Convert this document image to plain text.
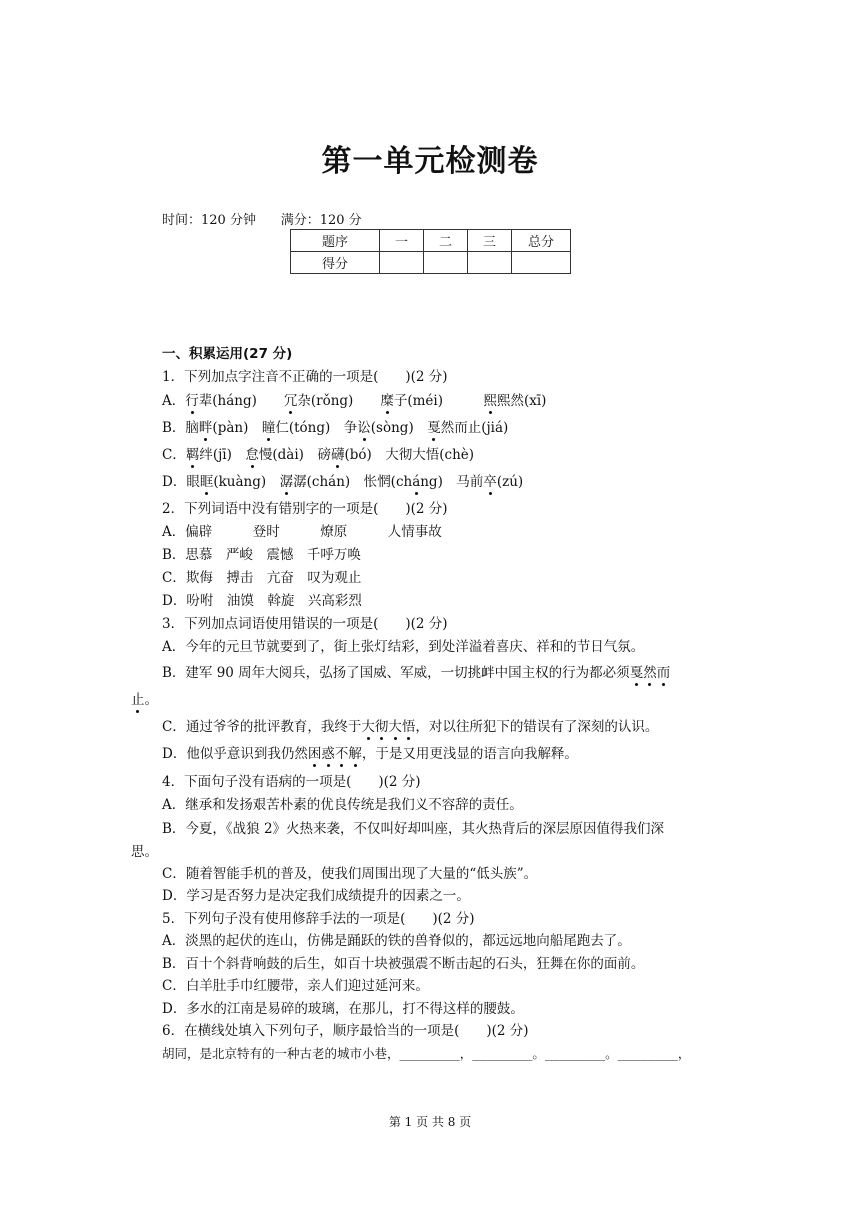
第一单元检测卷
时间：120 分钟      满分：120 分
题序	一	二	三	总分
得分				
一、积累运用(27 分)
1．下列加点字注音不正确的一项是(　　)(2 分)
A．行辈(háng)　　冗杂(rǒng)　　糜子(méi)　　　熙熙然(xī)
B．脑畔(pàn)　瞳仁(tóng)　争讼(sòng)　戛然而止(jiá)
C．羁绊(jī)　怠慢(dài)　磅礴(bó)　大彻大悟(chè)
D．眼眶(kuàng)　潺潺(chán)　怅惘(cháng)　马前卒(zú)
2．下列词语中没有错别字的一项是(　　)(2 分)
A．偏辟　　　登时　　　燎原　　　人情事故
B．思慕　严峻　震憾　千呼万唤
C．欺侮　搏击　亢奋　叹为观止
D．吩咐　油馍　斡旋　兴高彩烈
3．下列加点词语使用错误的一项是(　　)(2 分)
A．今年的元旦节就要到了，街上张灯结彩，到处洋溢着喜庆、祥和的节日气氛。
B．建军 90 周年大阅兵，弘扬了国威、军威，一切挑衅中国主权的行为都必须戛然而
止。
C．通过爷爷的批评教育，我终于大彻大悟，对以往所犯下的错误有了深刻的认识。
D．他似乎意识到我仍然困惑不解，于是又用更浅显的语言向我解释。
4．下面句子没有语病的一项是(　　)(2 分)
A．继承和发扬艰苦朴素的优良传统是我们义不容辞的责任。
B．今夏，《战狼 2》火热来袭，不仅叫好却叫座，其火热背后的深层原因值得我们深
思。
C．随着智能手机的普及，使我们周围出现了大量的“低头族”。
D．学习是否努力是决定我们成绩提升的因素之一。
5．下列句子没有使用修辞手法的一项是(　　)(2 分)
A．淡黑的起伏的连山，仿佛是踊跃的铁的兽脊似的，都远远地向船尾跑去了。
B．百十个斜背响鼓的后生，如百十块被强震不断击起的石头，狂舞在你的面前。
C．白羊肚手巾红腰带，亲人们迎过延河来。
D．多水的江南是易碎的玻璃，在那儿，打不得这样的腰鼓。
6．在横线处填入下列句子，顺序最恰当的一项是(　　)(2 分)
胡同，是北京特有的一种古老的城市小巷，________，________。________。________，
第 1 页 共 8 页
